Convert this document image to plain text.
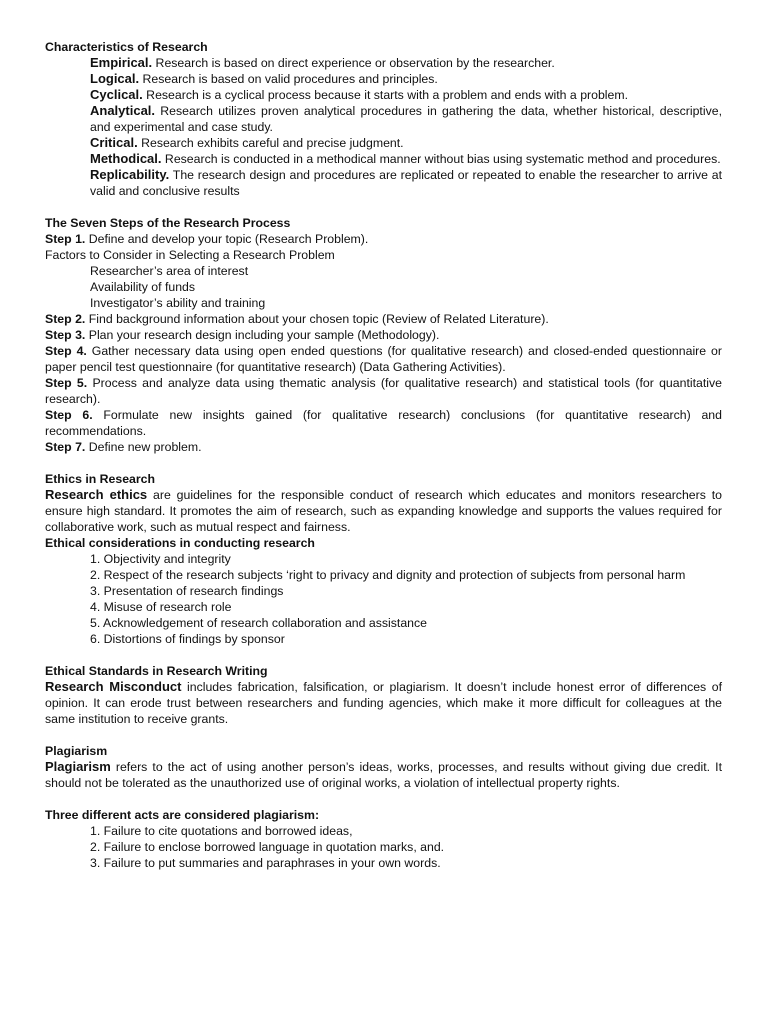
Characteristics of Research

Empirical. Research is based on direct experience or observation by the researcher.

Logical. Research is based on valid procedures and principles.

Cyclical. Research is a cyclical process because it starts with a problem and ends with a problem.

Analytical. Research utilizes proven analytical procedures in gathering the data, whether historical, descriptive, and experimental and case study.

Critical. Research exhibits careful and precise judgment.

Methodical. Research is conducted in a methodical manner without bias using systematic method and procedures.

Replicability. The research design and procedures are replicated or repeated to enable the researcher to arrive at valid and conclusive results

The Seven Steps of the Research Process

Step 1. Define and develop your topic (Research Problem).

Factors to Consider in Selecting a Research Problem

Researcher’s area of interest

Availability of funds

Investigator’s ability and training

Step 2. Find background information about your chosen topic (Review of Related Literature).

Step 3. Plan your research design including your sample (Methodology).

Step 4. Gather necessary data using open ended questions (for qualitative research) and closed-ended questionnaire or paper pencil test questionnaire (for quantitative research) (Data Gathering Activities).

Step 5. Process and analyze data using thematic analysis (for qualitative research) and statistical tools (for quantitative research).

Step 6. Formulate new insights gained (for qualitative research) conclusions (for quantitative research) and recommendations.

Step 7. Define new problem.

Ethics in Research

Research ethics are guidelines for the responsible conduct of research which educates and monitors researchers to ensure high standard. It promotes the aim of research, such as expanding knowledge and supports the values required for collaborative work, such as mutual respect and fairness.

Ethical considerations in conducting research

1. Objectivity and integrity

2. Respect of the research subjects ‘right to privacy and dignity and protection of subjects from personal harm

3. Presentation of research findings

4. Misuse of research role

5. Acknowledgement of research collaboration and assistance

6. Distortions of findings by sponsor

Ethical Standards in Research Writing

Research Misconduct includes fabrication, falsification, or plagiarism. It doesn’t include honest error of differences of opinion. It can erode trust between researchers and funding agencies, which make it more difficult for colleagues at the same institution to receive grants.

Plagiarism

Plagiarism refers to the act of using another person’s ideas, works, processes, and results without giving due credit. It should not be tolerated as the unauthorized use of original works, a violation of intellectual property rights.

Three different acts are considered plagiarism:

1. Failure to cite quotations and borrowed ideas,

2. Failure to enclose borrowed language in quotation marks, and.

3. Failure to put summaries and paraphrases in your own words.
